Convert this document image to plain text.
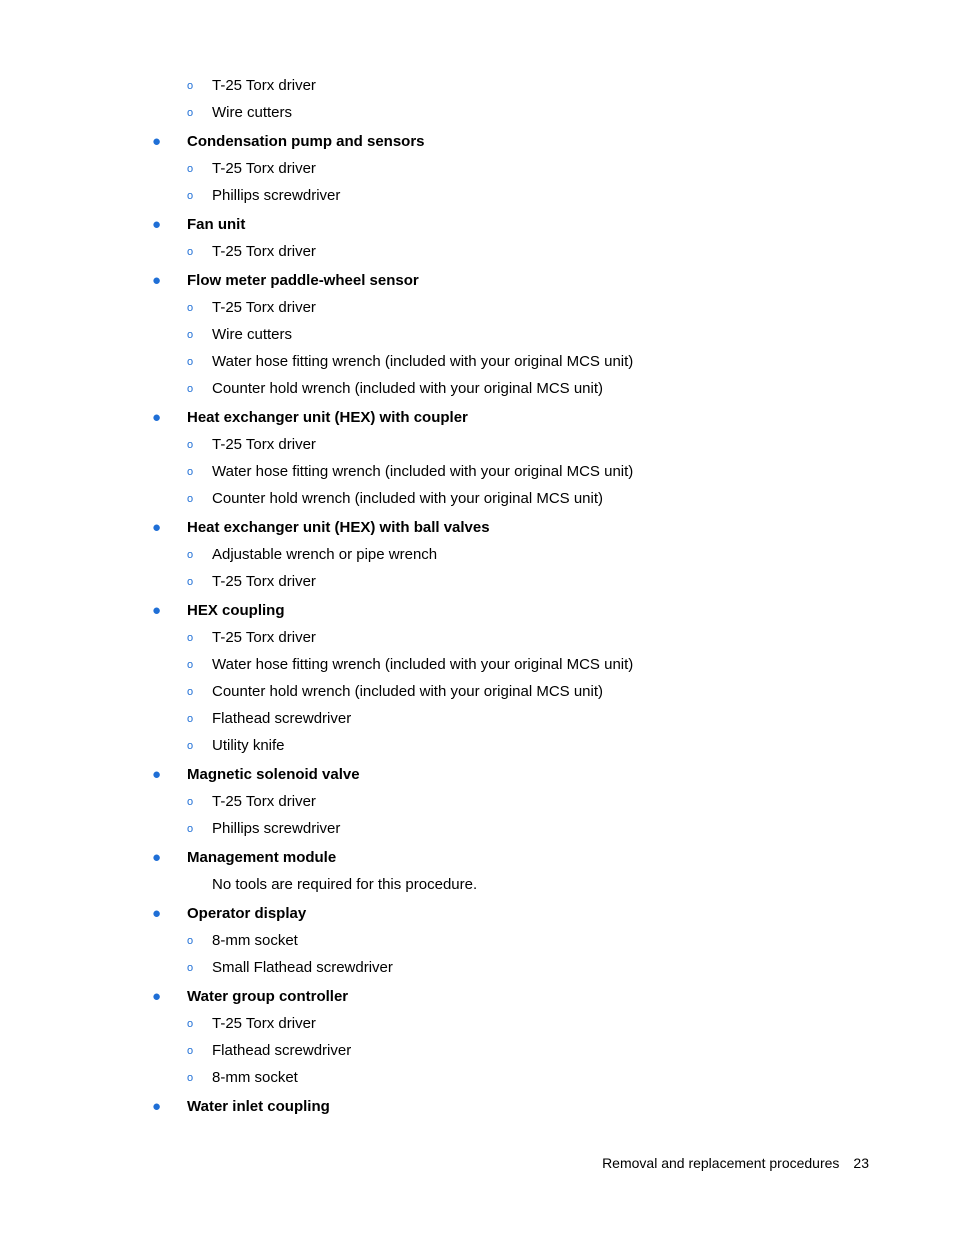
o T-25 Torx driver
o Wire cutters
● Condensation pump and sensors
o T-25 Torx driver
o Phillips screwdriver
● Fan unit
o T-25 Torx driver
● Flow meter paddle-wheel sensor
o T-25 Torx driver
o Wire cutters
o Water hose fitting wrench (included with your original MCS unit)
o Counter hold wrench (included with your original MCS unit)
● Heat exchanger unit (HEX) with coupler
o T-25 Torx driver
o Water hose fitting wrench (included with your original MCS unit)
o Counter hold wrench (included with your original MCS unit)
● Heat exchanger unit (HEX) with ball valves
o Adjustable wrench or pipe wrench
o T-25 Torx driver
● HEX coupling
o T-25 Torx driver
o Water hose fitting wrench (included with your original MCS unit)
o Counter hold wrench (included with your original MCS unit)
o Flathead screwdriver
o Utility knife
● Magnetic solenoid valve
o T-25 Torx driver
o Phillips screwdriver
● Management module
No tools are required for this procedure.
● Operator display
o 8-mm socket
o Small Flathead screwdriver
● Water group controller
o T-25 Torx driver
o Flathead screwdriver
o 8-mm socket
● Water inlet coupling
Removal and replacement procedures 23
